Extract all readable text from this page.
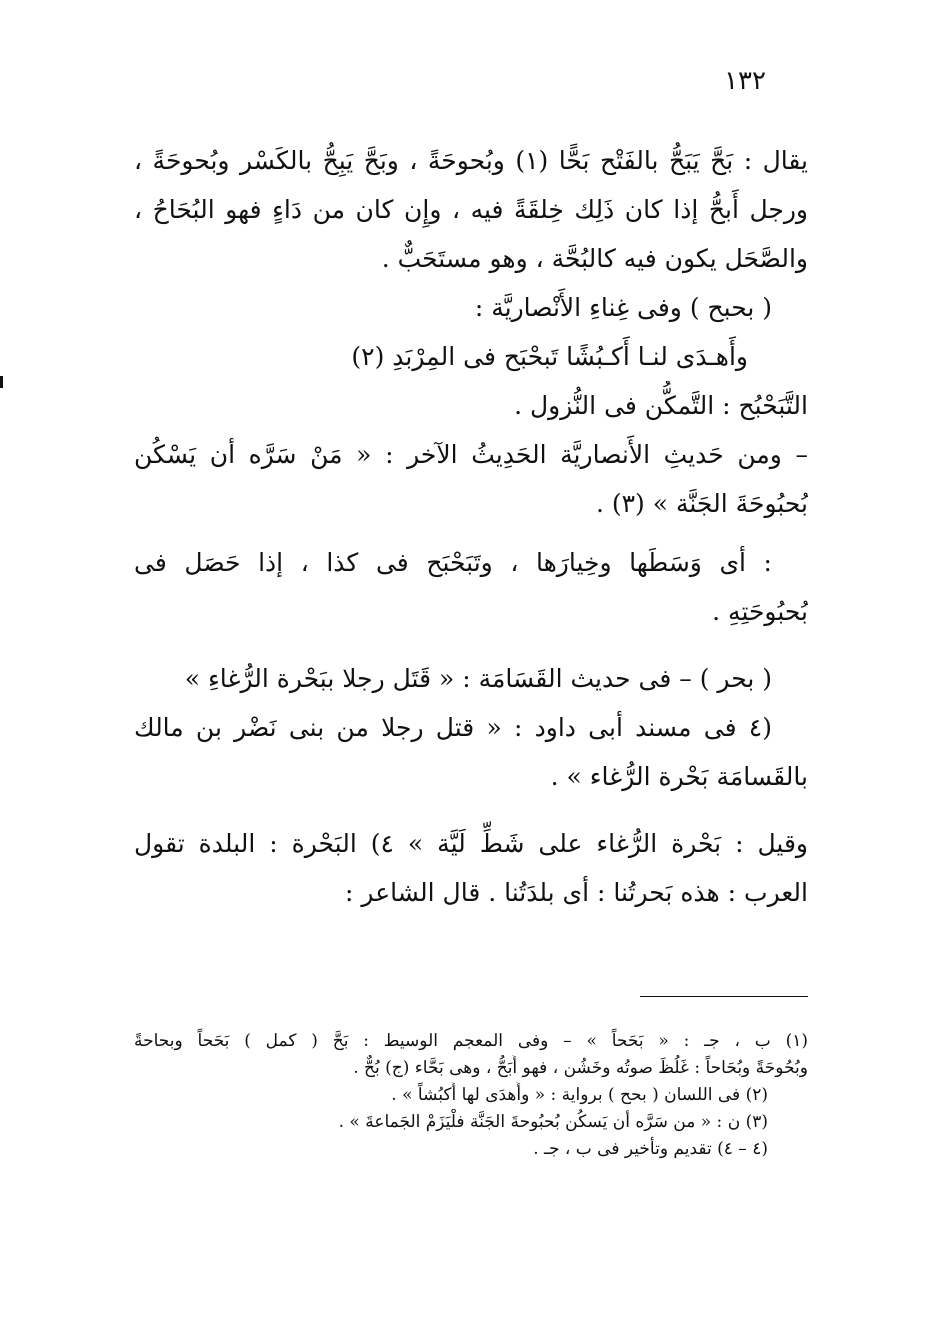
١٣٢
يقال : بَحَّ يَبَحُّ بالفَتْح بَحًّا (١) وبُحوحَةً ، وبَحَّ يَبِحُّ بالكَسْر وبُحوحَةً ،
ورجل أَبحُّ إذا كان ذَلِك خِلقَةً فيه ، وإِن كان من دَاءٍ فهو البُحَاحُ ،
والصَّحَل يكون فيه كالبُحَّة ، وهو مستَحَبٌّ .
( بحبح ) وفى غِناءِ الأَنْصاريَّة :
وأَهـدَى لنـا أَكـبُشًا تَبحْبَح فى المِرْبَدِ (٢)
التَّبَحْبُح : التَّمكُّن فى النُّزول .
– ومن حَديثِ الأَنصاريَّة الحَدِيثُ الآخر : « مَنْ سَرَّه أن يَسْكُن
بُحبُوحَةَ الجَنَّة » (٣) .
: أى وَسَطَها وخِيارَها ، وتَبَحْبَح فى كذا ، إذا حَصَل فى
بُحبُوحَتِهِ .
( بحر ) – فى حديث القَسَامَة : « قَتَل رجلا ببَحْرة الرُّغاءِ »
(٤ فى مسند أبى داود : « قتل رجلا من بنى نَضْر بن مالك
بالقَسامَة بَحْرة الرُّغاء » .
وقيل : بَحْرة الرُّغاء على شَطِّ لَيَّة » ٤) البَحْرة : البلدة تقول
العرب : هذه بَحرتُنا : أى بلدَتُنا . قال الشاعر :
(١) ب ، جـ : « بَحَحاً » – وفى المعجم الوسيط : بَحَّ ( كمل ) بَحَحاً وبحاحةً
وبُحُوحَةً وبُحَاحاً : غَلُظَ صوتُه وخَشُن ، فهو أَبَحُّ ، وهى بَحَّاء (ج) بُحٌّ .
(٢) فى اللسان ( بحح ) برواية : « وأَهدَى لها أَكبُشاً » .
(٣) ن : « من سَرَّه أن يَسكُن بُحبُوحةَ الجَنَّة فلْيَزَمْ الجَماعةَ » .
(٤ – ٤) تقديم وتأخير فى ب ، جـ .
